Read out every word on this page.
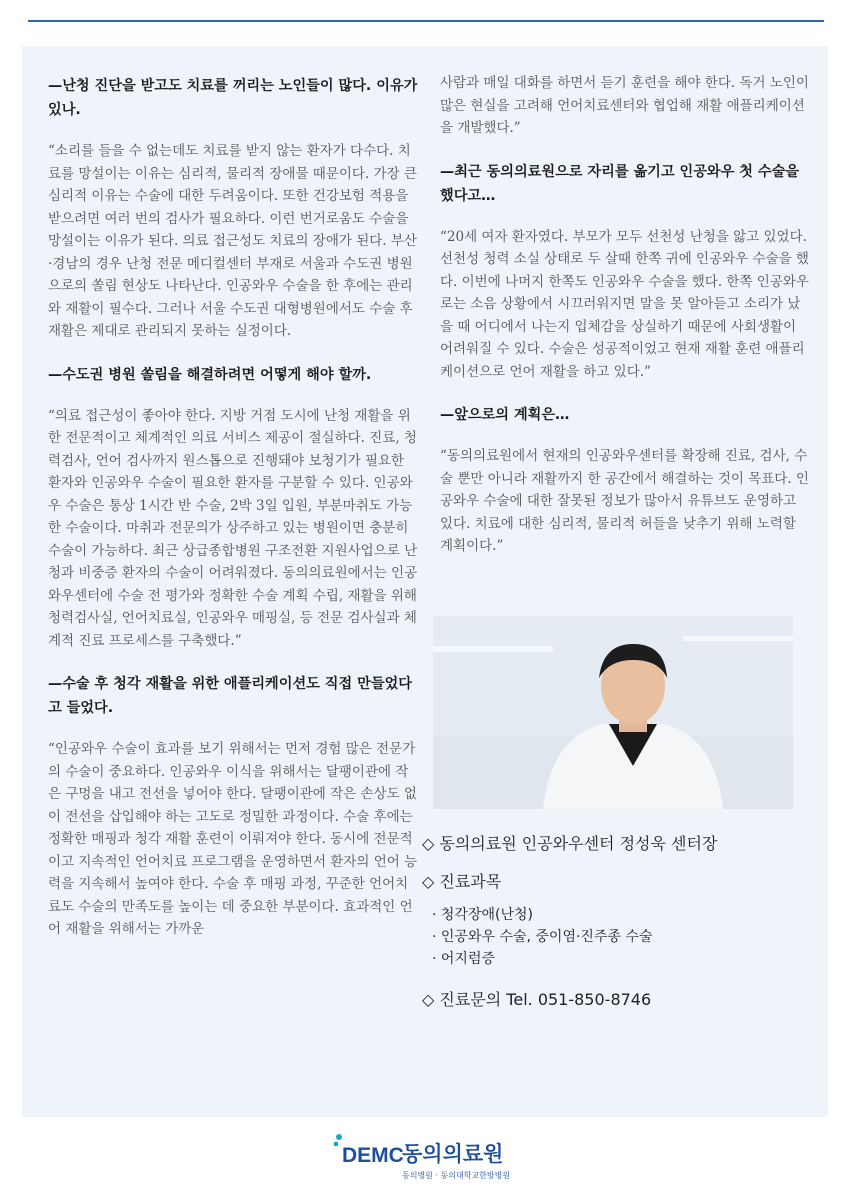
—난청 진단을 받고도 치료를 꺼리는 노인들이 많다. 이유가 있나.

“소리를 들을 수 없는데도 치료를 받지 않는 환자가 다수다. 치료를 망설이는 이유는 심리적, 물리적 장애물 때문이다. 가장 큰 심리적 이유는 수술에 대한 두려움이다. 또한 건강보험 적용을 받으려면 여러 번의 검사가 필요하다. 이런 번거로움도 수술을 망설이는 이유가 된다. 의료 접근성도 치료의 장애가 된다. 부산·경남의 경우 난청 전문 메디컬센터 부재로 서울과 수도권 병원으로의 쏠림 현상도 나타난다. 인공와우 수술을 한 후에는 관리와 재활이 필수다. 그러나 서울 수도권 대형병원에서도 수술 후 재활은 제대로 관리되지 못하는 실정이다.

—수도권 병원 쏠림을 해결하려면 어떻게 해야 할까.

“의료 접근성이 좋아야 한다. 지방 거점 도시에 난청 재활을 위한 전문적이고 체계적인 의료 서비스 제공이 절실하다. 진료, 청력검사, 언어 검사까지 원스톱으로 진행돼야 보청기가 필요한 환자와 인공와우 수술이 필요한 환자를 구분할 수 있다. 인공와우 수술은 통상 1시간 반 수술, 2박 3일 입원, 부분마취도 가능한 수술이다. 마취과 전문의가 상주하고 있는 병원이면 충분히 수술이 가능하다. 최근 상급종합병원 구조전환 지원사업으로 난청과 비중증 환자의 수술이 어려워졌다. 동의의료원에서는 인공와우센터에 수술 전 평가와 정확한 수술 계획 수립, 재활을 위해 청력검사실, 언어치료실, 인공와우 매핑실, 등 전문 검사실과 체계적 진료 프로세스를 구축했다.”

—수술 후 청각 재활을 위한 애플리케이션도 직접 만들었다고 들었다.

“인공와우 수술이 효과를 보기 위해서는 먼저 경험 많은 전문가의 수술이 중요하다. 인공와우 이식을 위해서는 달팽이관에 작은 구멍을 내고 전선을 넣어야 한다. 달팽이관에 작은 손상도 없이 전선을 삽입해야 하는 고도로 정밀한 과정이다. 수술 후에는 정확한 매핑과 청각 재활 훈련이 이뤄져야 한다. 동시에 전문적이고 지속적인 언어치료 프로그램을 운영하면서 환자의 언어 능력을 지속해서 높여야 한다. 수술 후 매핑 과정, 꾸준한 언어치료도 수술의 만족도를 높이는 데 중요한 부분이다. 효과적인 언어 재활을 위해서는 가까운

사람과 매일 대화를 하면서 듣기 훈련을 해야 한다. 독거 노인이 많은 현실을 고려해 언어치료센터와 협업해 재활 애플리케이션을 개발했다.”

—최근 동의의료원으로 자리를 옮기고 인공와우 첫 수술을 했다고…

“20세 여자 환자였다. 부모가 모두 선천성 난청을 앓고 있었다. 선천성 청력 소실 상태로 두 살때 한쪽 귀에 인공와우 수술을 했다. 이번에 나머지 한쪽도 인공와우 수술을 했다. 한쪽 인공와우로는 소음 상황에서 시끄러워지면 말을 못 알아듣고 소리가 났을 때 어디에서 나는지 입체감을 상실하기 때문에 사회생활이 어려워질 수 있다. 수술은 성공적이었고 현재 재활 훈련 애플리케이션으로 언어 재활을 하고 있다.”

—앞으로의 계획은…

“동의의료원에서 현재의 인공와우센터를 확장해 진료, 검사, 수술 뿐만 아니라 재활까지 한 공간에서 해결하는 것이 목표다. 인공와우 수술에 대한 잘못된 정보가 많아서 유튜브도 운영하고 있다. 치료에 대한 심리적, 물리적 허들을 낮추기 위해 노력할 계획이다.”

◇ 동의의료원 인공와우센터 정성욱 센터장
◇ 진료과목
· 청각장애(난청)
· 인공와우 수술, 중이염·진주종 수술
· 어지럼증
◇ 진료문의 Tel. 051-850-8746
DEMC
동의의료원
동의병원 · 동의대학교한방병원
